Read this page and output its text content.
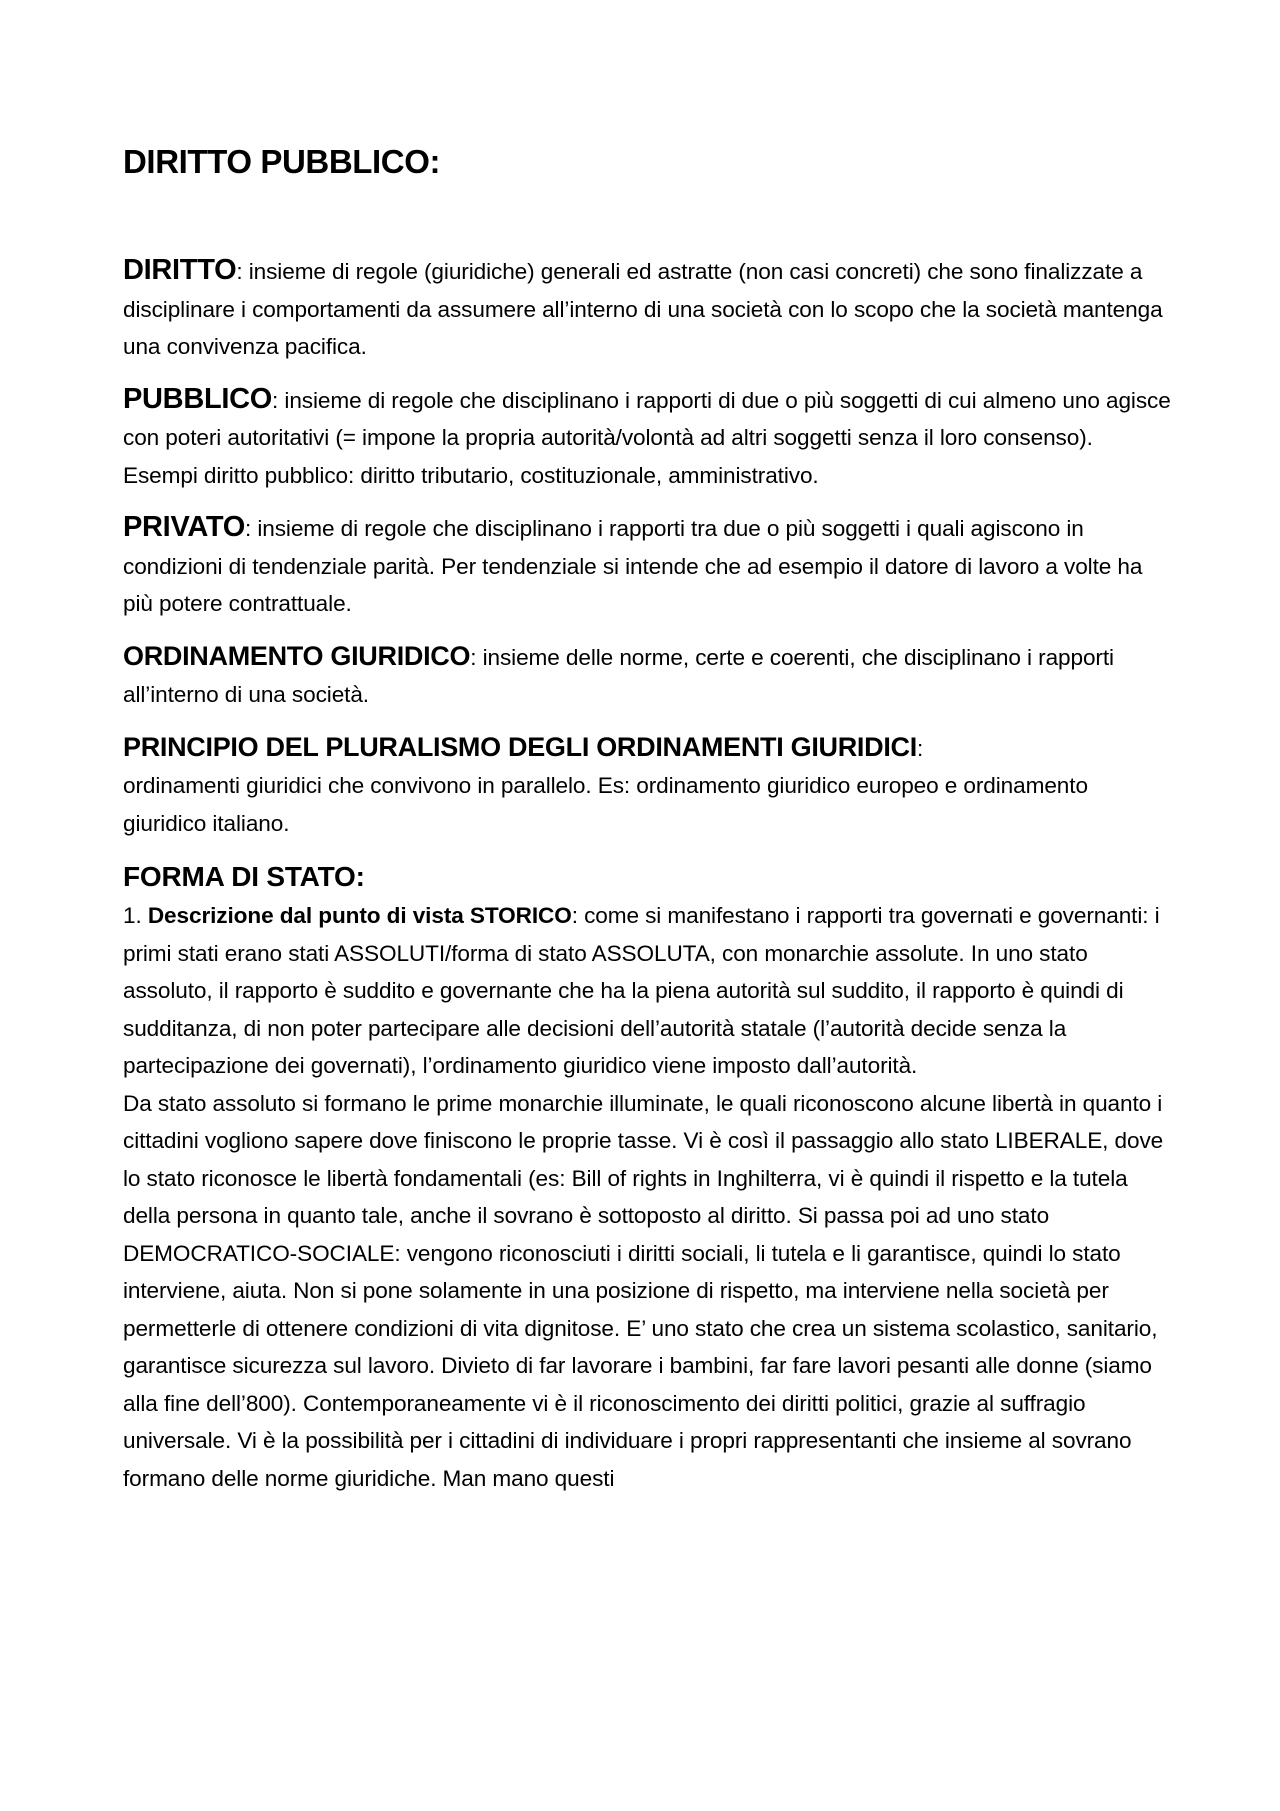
DIRITTO PUBBLICO:

DIRITTO: insieme di regole (giuridiche) generali ed astratte (non casi concreti) che sono finalizzate a disciplinare i comportamenti da assumere all’interno di una società con lo scopo che la società mantenga una convivenza pacifica.

PUBBLICO: insieme di regole che disciplinano i rapporti di due o più soggetti di cui almeno uno agisce con poteri autoritativi (= impone la propria autorità/volontà ad altri soggetti senza il loro consenso).
Esempi diritto pubblico: diritto tributario, costituzionale, amministrativo.

PRIVATO: insieme di regole che disciplinano i rapporti tra due o più soggetti i quali agiscono in condizioni di tendenziale parità. Per tendenziale si intende che ad esempio il datore di lavoro a volte ha più potere contrattuale.

ORDINAMENTO GIURIDICO: insieme delle norme, certe e coerenti, che disciplinano i rapporti all’interno di una società.

PRINCIPIO DEL PLURALISMO DEGLI ORDINAMENTI GIURIDICI:
ordinamenti giuridici che convivono in parallelo. Es: ordinamento giuridico europeo e ordinamento giuridico italiano.

FORMA DI STATO:
1. Descrizione dal punto di vista STORICO: come si manifestano i rapporti tra governati e governanti: i primi stati erano stati ASSOLUTI/forma di stato ASSOLUTA, con monarchie assolute. In uno stato assoluto, il rapporto è suddito e governante che ha la piena autorità sul suddito, il rapporto è quindi di sudditanza, di non poter partecipare alle decisioni dell’autorità statale (l’autorità decide senza la partecipazione dei governati), l’ordinamento giuridico viene imposto dall’autorità.
Da stato assoluto si formano le prime monarchie illuminate, le quali riconoscono alcune libertà in quanto i cittadini vogliono sapere dove finiscono le proprie tasse. Vi è così il passaggio allo stato LIBERALE, dove lo stato riconosce le libertà fondamentali (es: Bill of rights in Inghilterra, vi è quindi il rispetto e la tutela della persona in quanto tale, anche il sovrano è sottoposto al diritto. Si passa poi ad uno stato DEMOCRATICO-SOCIALE: vengono riconosciuti i diritti sociali, li tutela e li garantisce, quindi lo stato interviene, aiuta. Non si pone solamente in una posizione di rispetto, ma interviene nella società per permetterle di ottenere condizioni di vita dignitose. E’ uno stato che crea un sistema scolastico, sanitario, garantisce sicurezza sul lavoro. Divieto di far lavorare i bambini, far fare lavori pesanti alle donne (siamo alla fine dell’800). Contemporaneamente vi è il riconoscimento dei diritti politici, grazie al suffragio universale. Vi è la possibilità per i cittadini di individuare i propri rappresentanti che insieme al sovrano formano delle norme giuridiche. Man mano questi
